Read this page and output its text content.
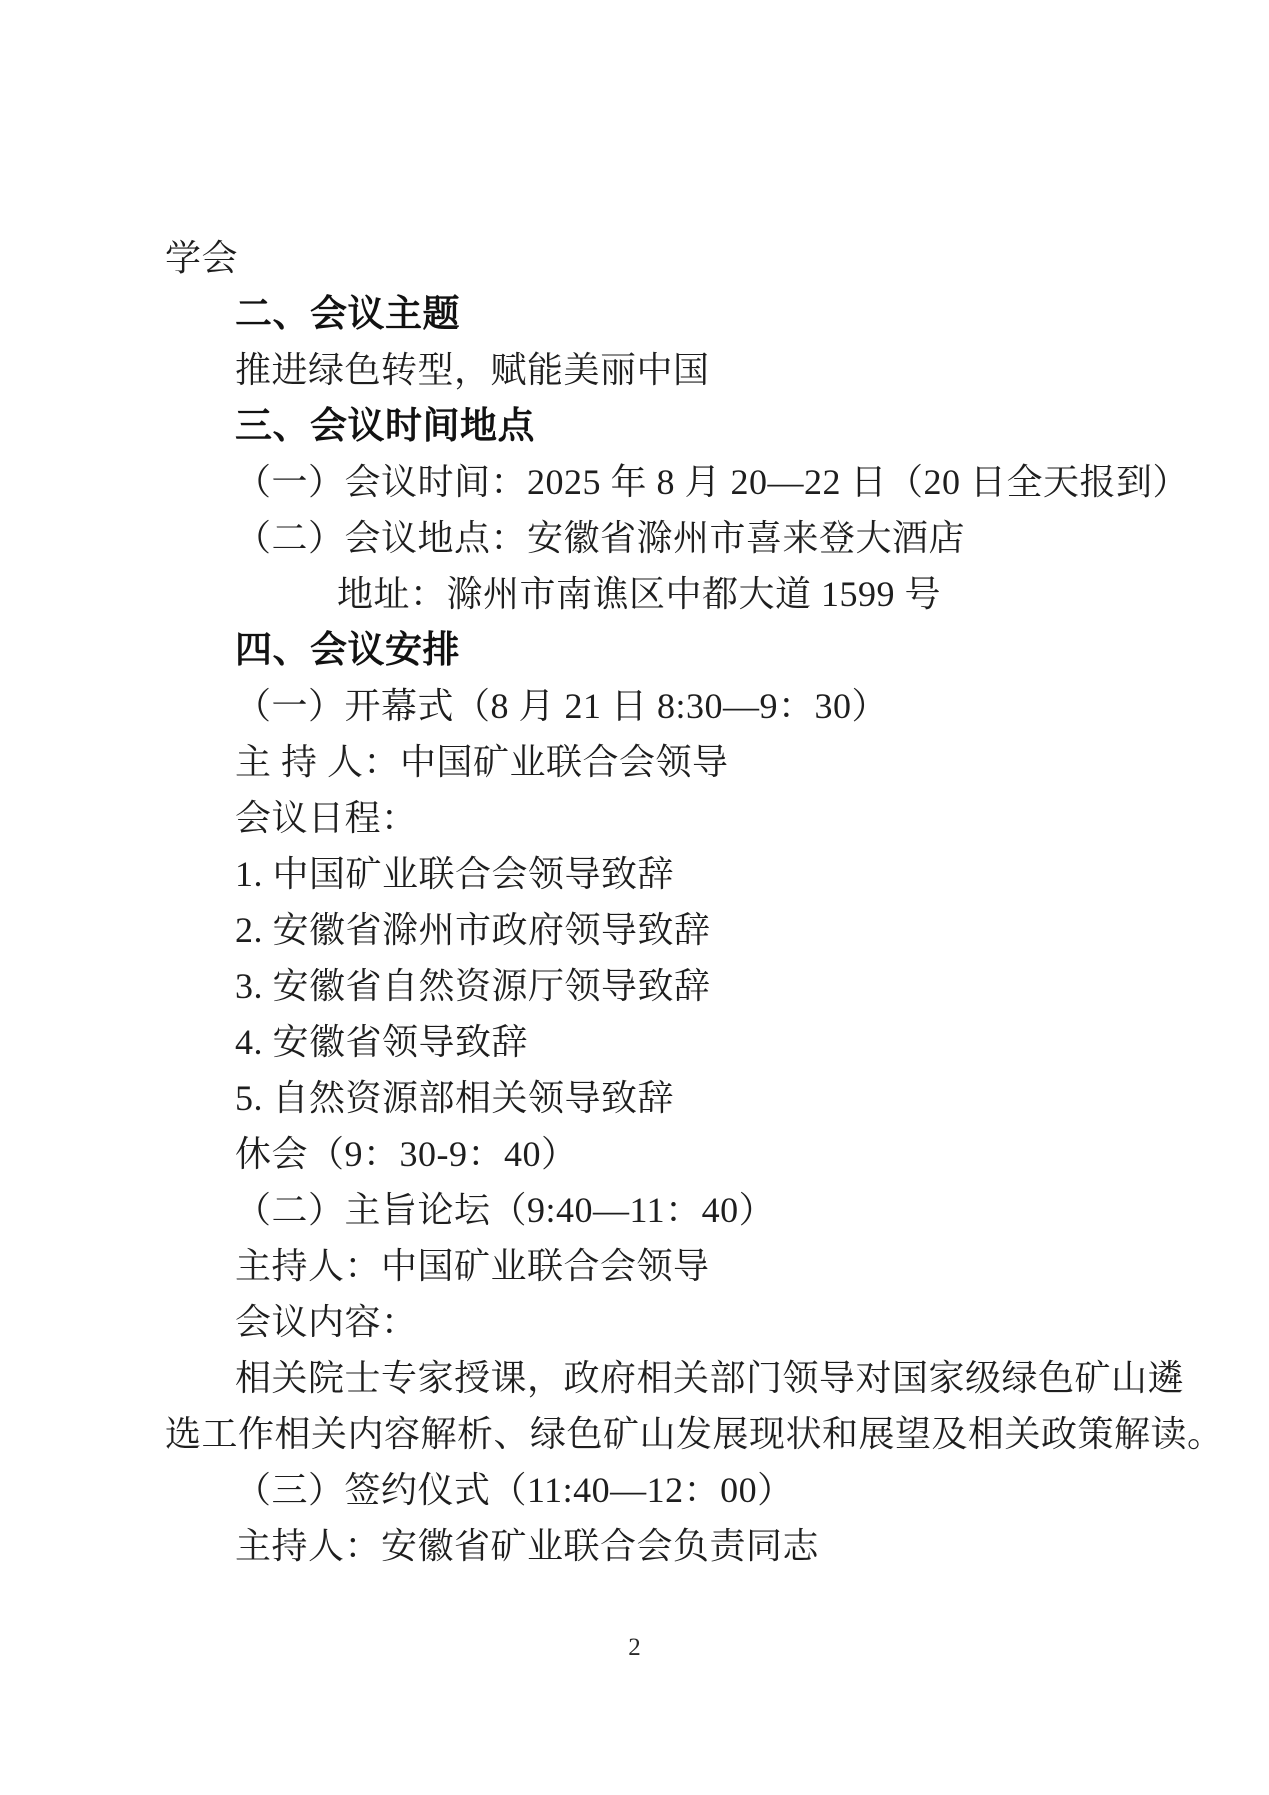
学会
二、会议主题
推进绿色转型，赋能美丽中国
三、会议时间地点
（一）会议时间：2025 年 8 月 20—22 日（20 日全天报到）
（二）会议地点：安徽省滁州市喜来登大酒店
地址：滁州市南谯区中都大道 1599 号
四、会议安排
（一）开幕式（8 月 21 日 8:30—9：30）
主 持 人：中国矿业联合会领导
会议日程：
1. 中国矿业联合会领导致辞
2. 安徽省滁州市政府领导致辞
3. 安徽省自然资源厅领导致辞
4. 安徽省领导致辞
5. 自然资源部相关领导致辞
休会（9：30-9：40）
（二）主旨论坛（9:40—11：40）
主持人：中国矿业联合会领导
会议内容：
相关院士专家授课，政府相关部门领导对国家级绿色矿山遴
选工作相关内容解析、绿色矿山发展现状和展望及相关政策解读。
（三）签约仪式（11:40—12：00）
主持人：安徽省矿业联合会负责同志
2
